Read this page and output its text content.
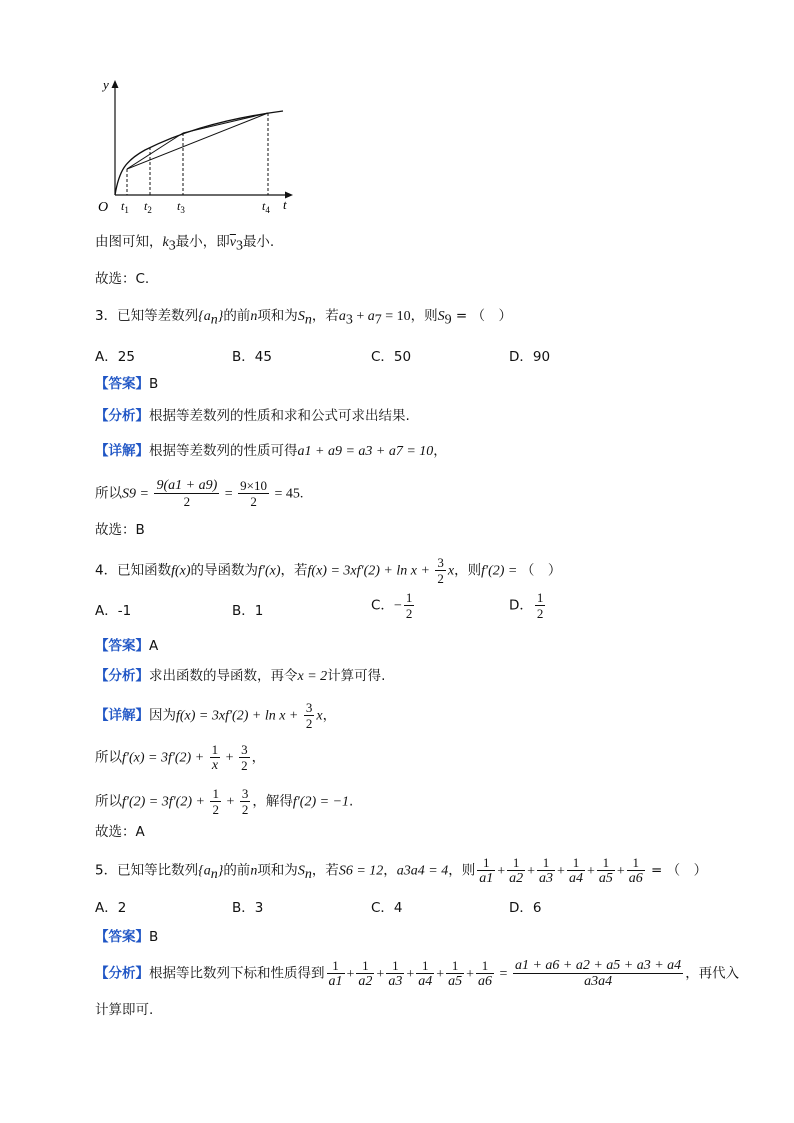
y
O	t
$t_1$ $t_2$ $t_3$	$t_4$
由图可知，$k_3$最小，即$\overline{v}_3$最小.
故选：C.
3．已知等差数列$\{a_n\}$的前n项和为$S_n$，若$a_3 + a_7 = 10$，则$S_9$ = （　）
A．25	B．45	C．50	D．90
【答案】B
【分析】根据等差数列的性质和求和公式可求出结果.
【详解】根据等差数列的性质可得a1 + a9 = a3 + a7 = 10，
所以$S9 = \frac{9(a1 + a9)}{2} = \frac{9\times 10}{2} = 45$.
故选：B
4．已知函数f(x)的导函数为f′(x)，若$f(x) = 3xf'(2) + \ln x + \frac{3}{2}$ x，则f′(2) = （　）
A．-1	B．1	C．− $\frac{1}{2}$	D． $\frac{1}{2}$
【答案】A
【分析】求出函数的导函数，再令x = 2计算可得.
【详解】因为$f(x) = 3xf'(2) + \ln x + \frac{3}{2}$ x，
所以$f'(x) = 3f'(2) + \frac{1}{x} + \frac{3}{2}$ ，
所以$f'(2) = 3f'(2) + \frac{1}{2} + \frac{3}{2}$ ，解得f′(2) = −1.
故选：A
5．已知等比数列$\{a_n\}$的前n项和为$S_n$，若S6 = 12，a3a4 = 4，则 $\frac{1}{a1} + \frac{1}{a2} + \frac{1}{a3} + \frac{1}{a4} + \frac{1}{a5} + \frac{1}{a6}$ = （　）
A．2	B．3	C．4	D．6
【答案】B
【分析】根据等比数列下标和性质得到 $\frac{1}{a1} + \frac{1}{a2} + \frac{1}{a3} + \frac{1}{a4} + \frac{1}{a5} + \frac{1}{a6} = \frac{a1 + a6 + a2 + a5 + a3 + a4}{a3a4}$ ，再代入
计算即可.
